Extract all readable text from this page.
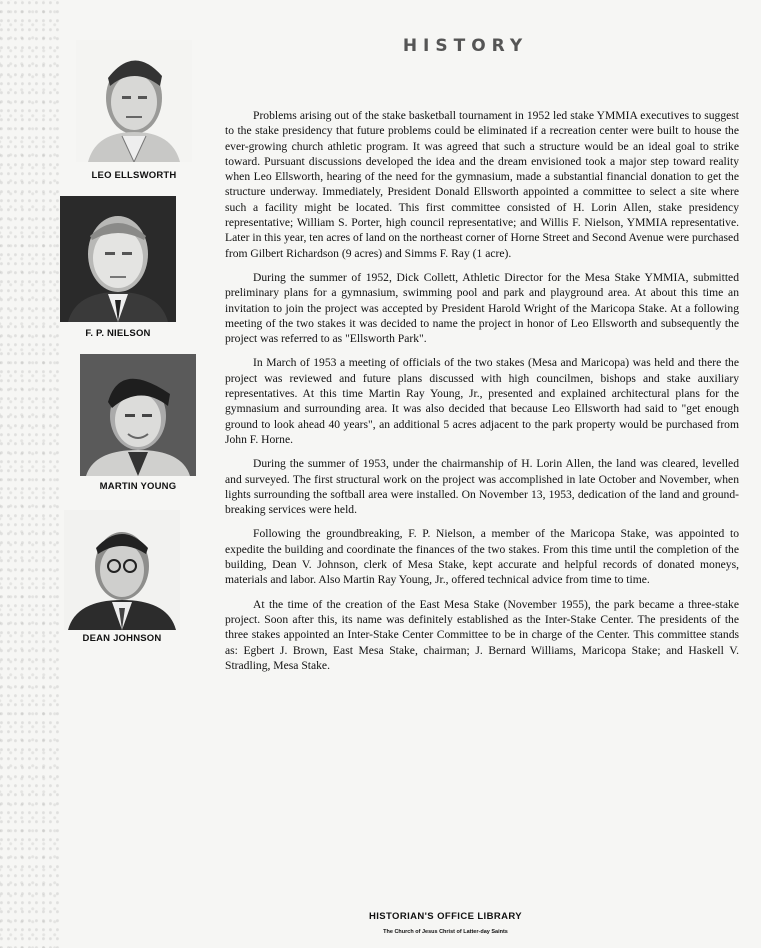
HISTORY
LEO ELLSWORTH
F. P. NIELSON
MARTIN YOUNG
DEAN JOHNSON

Problems arising out of the stake basketball tournament in 1952 led stake YMMIA executives to suggest to the stake presidency that future problems could be eliminated if a recreation center were built to house the ever-growing church athletic program. It was agreed that such a structure would be an ideal goal to strike toward. Pursuant discussions developed the idea and the dream envisioned took a major step toward reality when Leo Ellsworth, hearing of the need for the gymnasium, made a substantial financial donation to get the structure underway. Immediately, President Donald Ellsworth appointed a committee to select a site where such a facility might be located. This first committee consisted of H. Lorin Allen, stake presidency representative; William S. Porter, high council representative; and Willis F. Nielson, YMMIA representative. Later in this year, ten acres of land on the northeast corner of Horne Street and Second Avenue were purchased from Gilbert Richardson (9 acres) and Simms F. Ray (1 acre).

During the summer of 1952, Dick Collett, Athletic Director for the Mesa Stake YMMIA, submitted preliminary plans for a gymnasium, swimming pool and park and playground area. At about this time an invitation to join the project was accepted by President Harold Wright of the Maricopa Stake. At a following meeting of the two stakes it was decided to name the project in honor of Leo Ellsworth and subsequently the project was referred to as "Ellsworth Park".

In March of 1953 a meeting of officials of the two stakes (Mesa and Maricopa) was held and there the project was reviewed and future plans discussed with high councilmen, bishops and stake auxiliary representatives. At this time Martin Ray Young, Jr., presented and explained architectural plans for the gymnasium and surrounding area. It was also decided that because Leo Ellsworth had said to "get enough ground to look ahead 40 years", an additional 5 acres adjacent to the park property would be purchased from John F. Horne.

During the summer of 1953, under the chairmanship of H. Lorin Allen, the land was cleared, levelled and surveyed. The first structural work on the project was accomplished in late October and November, when lights surrounding the softball area were installed. On November 13, 1953, dedication of the land and ground-breaking services were held.

Following the groundbreaking, F. P. Nielson, a member of the Maricopa Stake, was appointed to expedite the building and coordinate the finances of the two stakes. From this time until the completion of the building, Dean V. Johnson, clerk of Mesa Stake, kept accurate and helpful records of donated moneys, materials and labor. Also Martin Ray Young, Jr., offered technical advice from time to time.

At the time of the creation of the East Mesa Stake (November 1955), the park became a three-stake project. Soon after this, its name was definitely established as the Inter-Stake Center. The presidents of the three stakes appointed an Inter-Stake Center Committee to be in charge of the Center. This committee stands as: Egbert J. Brown, East Mesa Stake, chairman; J. Bernard Williams, Maricopa Stake; and Haskell V. Stradling, Mesa Stake.

HISTORIAN'S OFFICE LIBRARY
The Church of Jesus Christ of Latter-day Saints
